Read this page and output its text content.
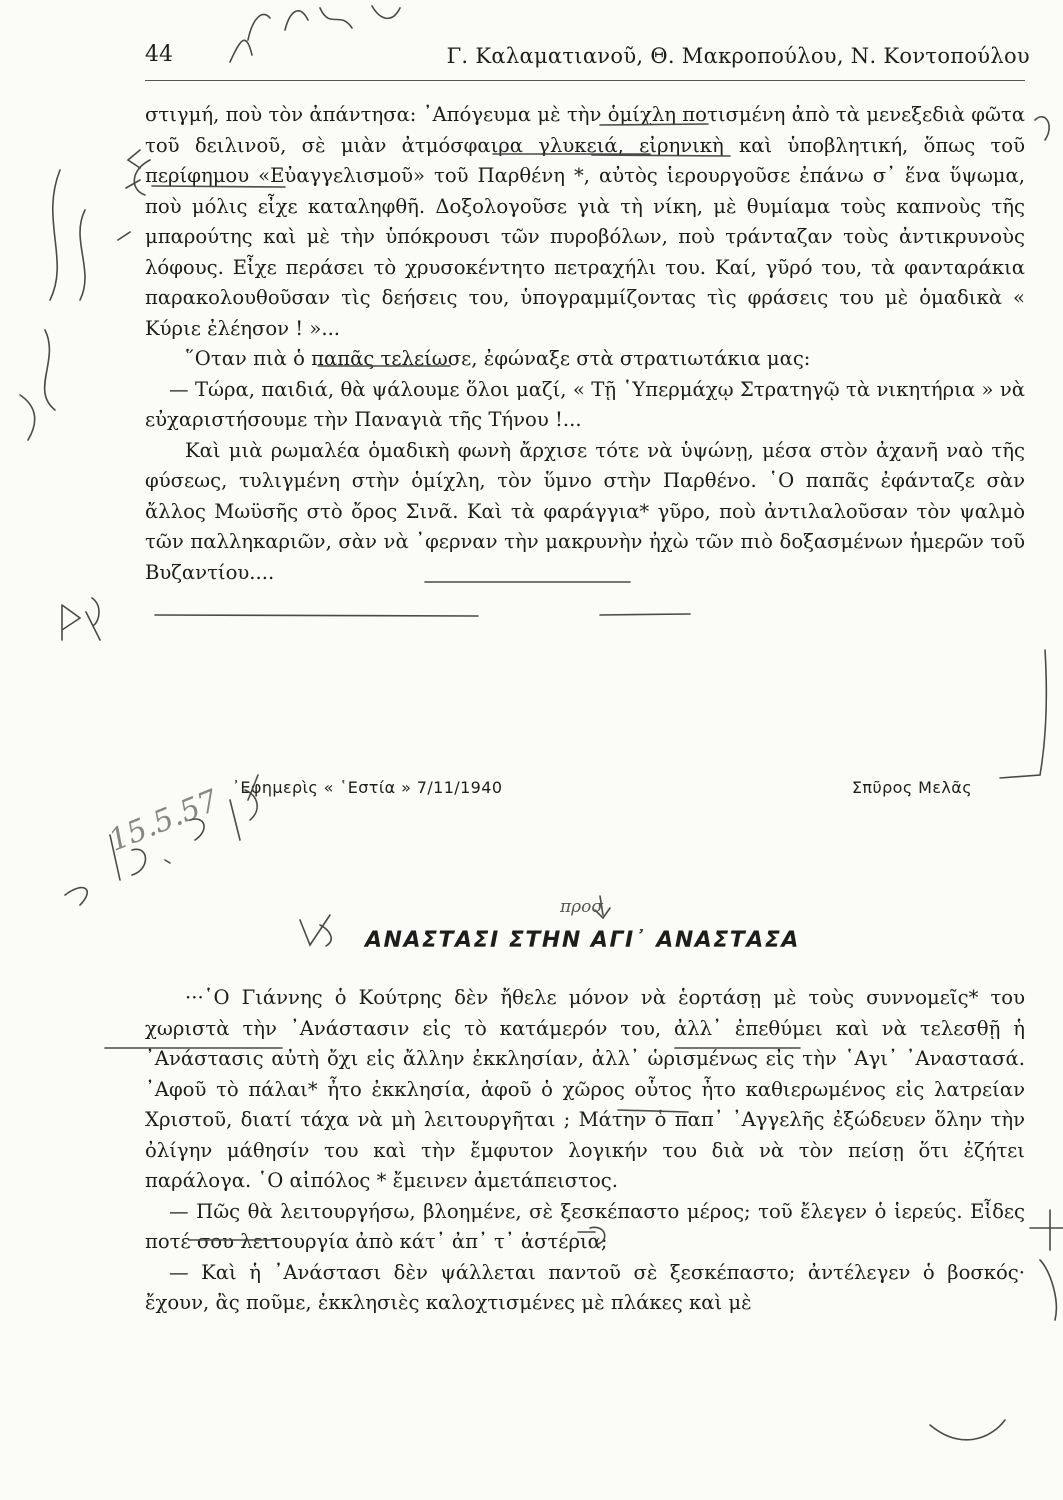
44	Γ. Καλαματιανοῦ, Θ. Μακροπούλου, Ν. Κοντοπούλου

στιγμή, ποὺ τὸν ἀπάντησα: ᾿Απόγευμα μὲ τὴν ὁμίχλη ποτισμένη ἀπὸ τὰ μενεξεδιὰ φῶτα τοῦ δειλινοῦ, σὲ μιὰν ἀτμόσφαιρα γλυκειά, εἰρηνικὴ καὶ ὑποβλητική, ὅπως τοῦ περίφημου «Εὐαγγελισμοῦ» τοῦ Παρθένη *, αὐτὸς ἱερουργοῦσε ἐπάνω σ᾿ ἕνα ὕψωμα, ποὺ μόλις εἶχε καταληφθῆ. Δοξολογοῦσε γιὰ τὴ νίκη, μὲ θυμίαμα τοὺς καπνοὺς τῆς μπαρούτης καὶ μὲ τὴν ὑπόκρουσι τῶν πυροβόλων, ποὺ τράνταζαν τοὺς ἀντικρυνοὺς λόφους. Εἶχε περάσει τὸ χρυσοκέντητο πετραχήλι του. Καί, γῦρό του, τὰ φανταράκια παρακολουθοῦσαν τὶς δεήσεις του, ὑπογραμμίζοντας τὶς φράσεις του μὲ ὁμαδικὰ « Κύριε ἐλέησον ! »...

῞Οταν πιὰ ὁ παπᾶς τελείωσε, ἐφώναξε στὰ στρατιωτάκια μας:

— Τώρα, παιδιά, θὰ ψάλουμε ὅλοι μαζί, « Τῇ ῾Υπερμάχῳ Στρατηγῷ τὰ νικητήρια » νὰ εὐχαριστήσουμε τὴν Παναγιὰ τῆς Τήνου !...

Καὶ μιὰ ρωμαλέα ὁμαδικὴ φωνὴ ἄρχισε τότε νὰ ὑψώνῃ, μέσα στὸν ἀχανῆ ναὸ τῆς φύσεως, τυλιγμένη στὴν ὁμίχλη, τὸν ὕμνο στὴν Παρθένο. ῾Ο παπᾶς ἐφάνταζε σὰν ἄλλος Μωϋσῆς στὸ ὄρος Σινᾶ. Καὶ τὰ φαράγγια* γῦρο, ποὺ ἀντιλαλοῦσαν τὸν ψαλμὸ τῶν παλληκαριῶν, σὰν νὰ ᾿φερναν τὴν μακρυνὴν ἠχὼ τῶν πιὸ δοξασμένων ἡμερῶν τοῦ Βυζαντίου....

᾿Εφημερὶς « ῾Εστία » 7/11/1940	Σπῦρος Μελᾶς
ΑΝΑΣΤΑΣΙ ΣΤΗΝ ΑΓΙ᾿ ΑΝΑΣΤΑΣΑ

···῾Ο Γιάννης ὁ Κούτρης δὲν ἤθελε μόνον νὰ ἑορτάσῃ μὲ τοὺς συννομεῖς* του χωριστὰ τὴν ᾿Ανάστασιν εἰς τὸ κατάμερόν του, ἀλλ᾿ ἐπεθύμει καὶ νὰ τελεσθῇ ἡ ᾿Ανάστασις αὐτὴ ὄχι εἰς ἄλλην ἐκκλησίαν, ἀλλ᾿ ὡρισμένως εἰς τὴν ῾Αγι᾿ ᾿Αναστασά. ᾿Αφοῦ τὸ πάλαι* ἦτο ἐκκλησία, ἀφοῦ ὁ χῶρος οὗτος ἦτο καθιερωμένος εἰς λατρείαν Χριστοῦ, διατί τάχα νὰ μὴ λειτουργῆται ; Μάτην ὁ παπ᾿ ᾿Αγγελῆς ἐξώδευεν ὅλην τὴν ὀλίγην μάθησίν του καὶ τὴν ἔμφυτον λογικήν του διὰ νὰ τὸν πείσῃ ὅτι ἐζήτει παράλογα. ῾Ο αἰπόλος * ἔμεινεν ἀμετάπειστος.

— Πῶς θὰ λειτουργήσω, βλοημένε, σὲ ξεσκέπαστο μέρος; τοῦ ἔλεγεν ὁ ἱερεύς. Εἶδες ποτέ σου λειτουργία ἀπὸ κάτ᾿ ἀπ᾿ τ᾿ ἀστέρια;

— Καὶ ἡ ᾿Ανάστασι δὲν ψάλλεται παντοῦ σὲ ξεσκέπαστο; ἀντέλεγεν ὁ βοσκός· ἔχουν, ἂς ποῦμε, ἐκκλησιὲς καλοχτισμένες μὲ πλάκες καὶ μὲ

προσ
15.5.57
